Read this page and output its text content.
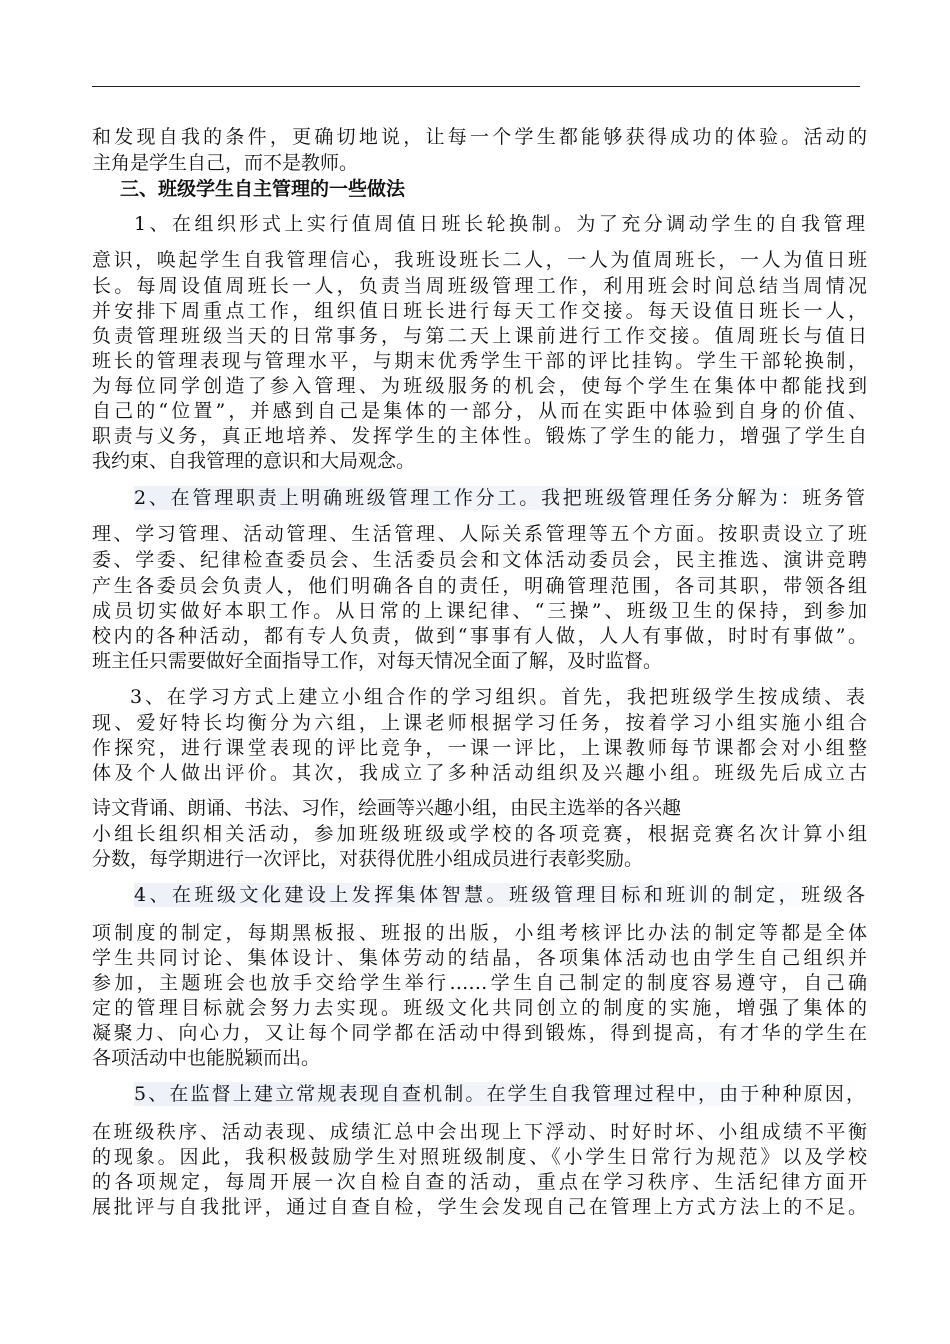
和发现自我的条件，更确切地说，让每一个学生都能够获得成功的体验。活动的
主角是学生自己，而不是教师。
三、班级学生自主管理的一些做法
1、在组织形式上实行值周值日班长轮换制。为了充分调动学生的自我管理
意识，唤起学生自我管理信心，我班设班长二人，一人为值周班长，一人为值日班
长。每周设值周班长一人，负责当周班级管理工作，利用班会时间总结当周情况
并安排下周重点工作，组织值日班长进行每天工作交接。每天设值日班长一人，
负责管理班级当天的日常事务，与第二天上课前进行工作交接。值周班长与值日
班长的管理表现与管理水平，与期末优秀学生干部的评比挂钩。学生干部轮换制，
为每位同学创造了参入管理、为班级服务的机会，使每个学生在集体中都能找到
自己的“位置”，并感到自己是集体的一部分，从而在实距中体验到自身的价值、
职责与义务，真正地培养、发挥学生的主体性。锻炼了学生的能力，增强了学生自
我约束、自我管理的意识和大局观念。
2、在管理职责上明确班级管理工作分工。我把班级管理任务分解为：班务管
理、学习管理、活动管理、生活管理、人际关系管理等五个方面。按职责设立了班
委、学委、纪律检查委员会、生活委员会和文体活动委员会，民主推选、演讲竞聘
产生各委员会负责人，他们明确各自的责任，明确管理范围，各司其职，带领各组
成员切实做好本职工作。从日常的上课纪律、“三操”、班级卫生的保持，到参加
校内的各种活动，都有专人负责，做到“事事有人做，人人有事做，时时有事做”。
班主任只需要做好全面指导工作，对每天情况全面了解，及时监督。
3、在学习方式上建立小组合作的学习组织。首先，我把班级学生按成绩、表
现、爱好特长均衡分为六组，上课老师根据学习任务，按着学习小组实施小组合
作探究，进行课堂表现的评比竞争，一课一评比，上课教师每节课都会对小组整
体及个人做出评价。其次，我成立了多种活动组织及兴趣小组。班级先后成立古
诗文背诵、朗诵、书法、习作，绘画等兴趣小组，由民主选举的各兴趣
小组长组织相关活动，参加班级班级或学校的各项竞赛，根据竞赛名次计算小组
分数，每学期进行一次评比，对获得优胜小组成员进行表彰奖励。
4、在班级文化建设上发挥集体智慧。班级管理目标和班训的制定，班级各
项制度的制定，每期黑板报、班报的出版，小组考核评比办法的制定等都是全体
学生共同讨论、集体设计、集体劳动的结晶，各项集体活动也由学生自己组织并
参加，主题班会也放手交给学生举行……学生自己制定的制度容易遵守，自己确
定的管理目标就会努力去实现。班级文化共同创立的制度的实施，增强了集体的
凝聚力、向心力，又让每个同学都在活动中得到锻炼，得到提高，有才华的学生在
各项活动中也能脱颖而出。
5、在监督上建立常规表现自查机制。在学生自我管理过程中，由于种种原因，
在班级秩序、活动表现、成绩汇总中会出现上下浮动、时好时坏、小组成绩不平衡
的现象。因此，我积极鼓励学生对照班级制度、《小学生日常行为规范》以及学校
的各项规定，每周开展一次自检自查的活动，重点在学习秩序、生活纪律方面开
展批评与自我批评，通过自查自检，学生会发现自己在管理上方式方法上的不足。
